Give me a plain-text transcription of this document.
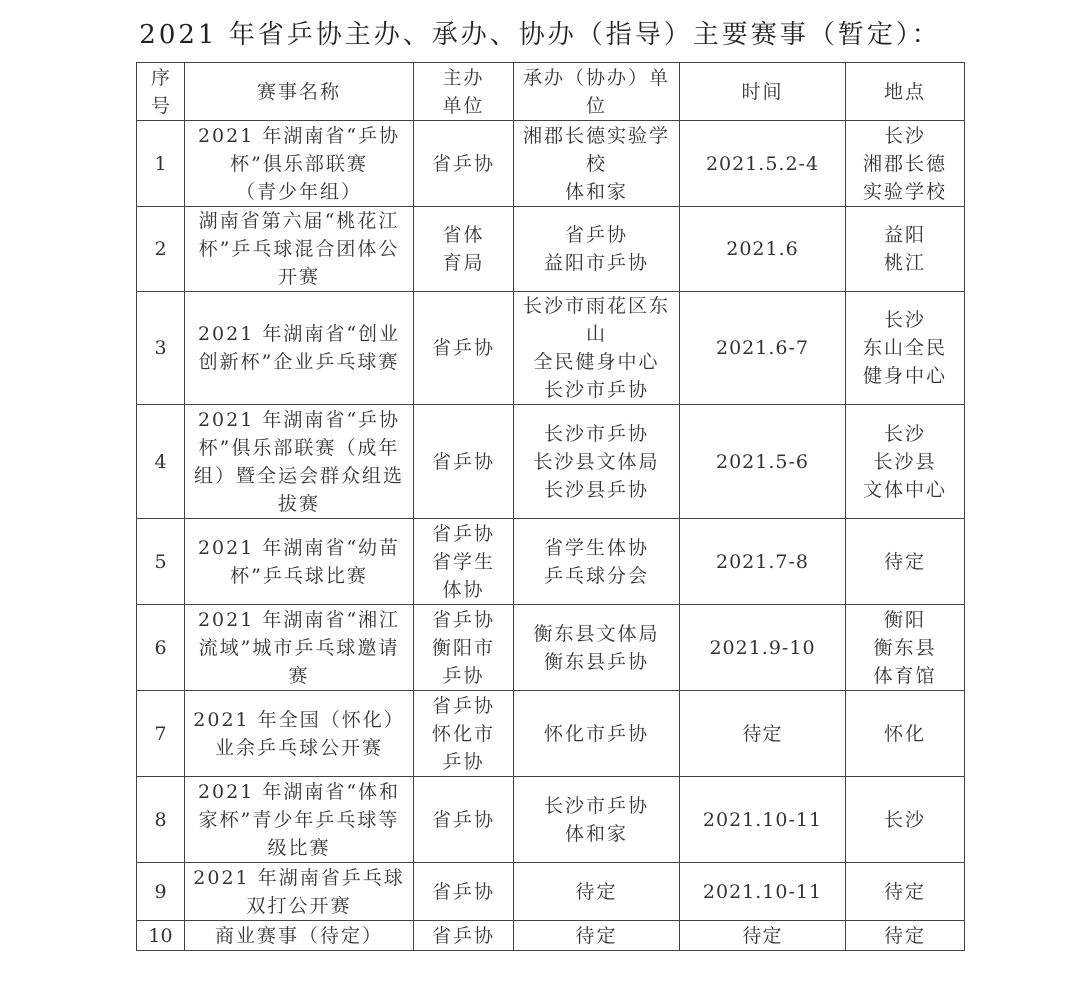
2021 年省乒协主办、承办、协办（指导）主要赛事（暂定）：
序
号	赛事名称	主办
单位	承办（协办）单位	时间	地点
1	2021 年湖南省“乒协
杯”俱乐部联赛
（青少年组）	省乒协	湘郡长德实验学校
体和家	2021.5.2-4	长沙
湘郡长德
实验学校
2	湖南省第六届“桃花江
杯”乒乓球混合团体公
开赛	省体
育局	省乒协
益阳市乒协	2021.6	益阳
桃江
3	2021 年湖南省“创业
创新杯”企业乒乓球赛	省乒协	长沙市雨花区东山
全民健身中心
长沙市乒协	2021.6-7	长沙
东山全民
健身中心
4	2021 年湖南省“乒协
杯”俱乐部联赛（成年
组）暨全运会群众组选
拔赛	省乒协	长沙市乒协
长沙县文体局
长沙县乒协	2021.5-6	长沙
长沙县
文体中心
5	2021 年湖南省“幼苗
杯”乒乓球比赛	省乒协
省学生
体协	省学生体协
乒乓球分会	2021.7-8	待定
6	2021 年湖南省“湘江
流域”城市乒乓球邀请
赛	省乒协
衡阳市
乒协	衡东县文体局
衡东县乒协	2021.9-10	衡阳
衡东县
体育馆
7	2021 年全国（怀化）
业余乒乓球公开赛	省乒协
怀化市
乒协	怀化市乒协	待定	怀化
8	2021 年湖南省“体和
家杯”青少年乒乓球等
级比赛	省乒协	长沙市乒协
体和家	2021.10-11	长沙
9	2021 年湖南省乒乓球
双打公开赛	省乒协	待定	2021.10-11	待定
10	商业赛事（待定）	省乒协	待定	待定	待定
